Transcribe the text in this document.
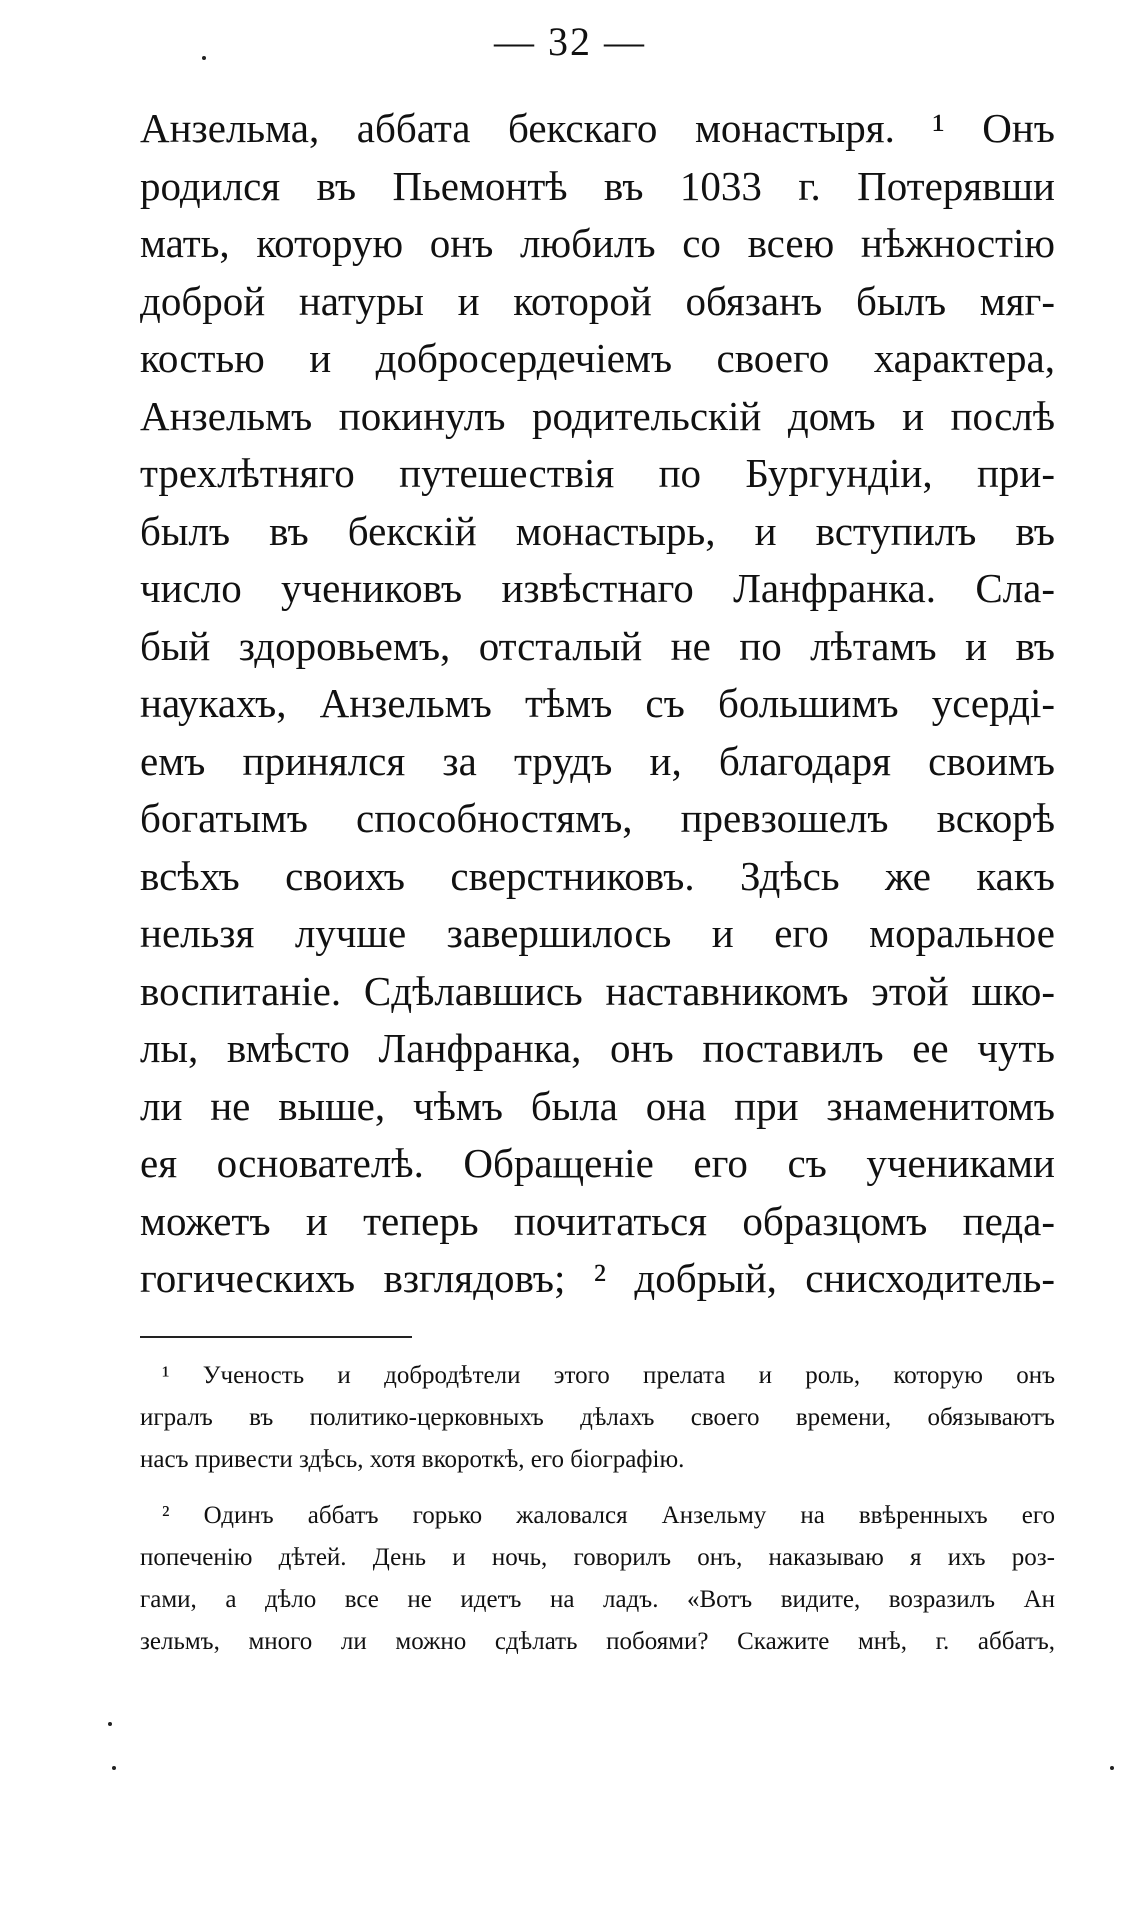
— 32 —
Анзельма, аббата бекскаго монастыря. ¹ Онъ
родился въ Пьемонтѣ въ 1033 г. Потерявши
мать, которую онъ любилъ со всею нѣжностію
доброй натуры и которой обязанъ былъ мяг-
костью и добросердечіемъ своего характера,
Анзельмъ покинулъ родительскій домъ и послѣ
трехлѣтняго путешествія по Бургундіи, при-
былъ въ бекскій монастырь, и вступилъ въ
число учениковъ извѣстнаго Ланфранка. Сла-
бый здоровьемъ, отсталый не по лѣтамъ и въ
наукахъ, Анзельмъ тѣмъ съ большимъ усерді-
емъ принялся за трудъ и, благодаря своимъ
богатымъ способностямъ, превзошелъ вскорѣ
всѣхъ своихъ сверстниковъ. Здѣсь же какъ
нельзя лучше завершилось и его моральное
воспитаніе. Сдѣлавшись наставникомъ этой шко-
лы, вмѣсто Ланфранка, онъ поставилъ ее чуть
ли не выше, чѣмъ была она при знаменитомъ
ея основателѣ. Обращеніе его съ учениками
можетъ и теперь почитаться образцомъ педа-
гогическихъ взглядовъ; ² добрый, снисходитель-
¹ Ученость и добродѣтели этого прелата и роль, которую онъ
игралъ въ политико-церковныхъ дѣлахъ своего времени, обязываютъ
насъ привести здѣсь, хотя вкороткѣ, его біографію.
² Одинъ аббатъ горько жаловался Анзельму на ввѣренныхъ его
попеченію дѣтей. День и ночь, говорилъ онъ, наказываю я ихъ роз-
гами, а дѣло все не идетъ на ладъ. «Вотъ видите, возразилъ Ан
зельмъ, много ли можно сдѣлать побоями? Скажите мнѣ, г. аббатъ,
